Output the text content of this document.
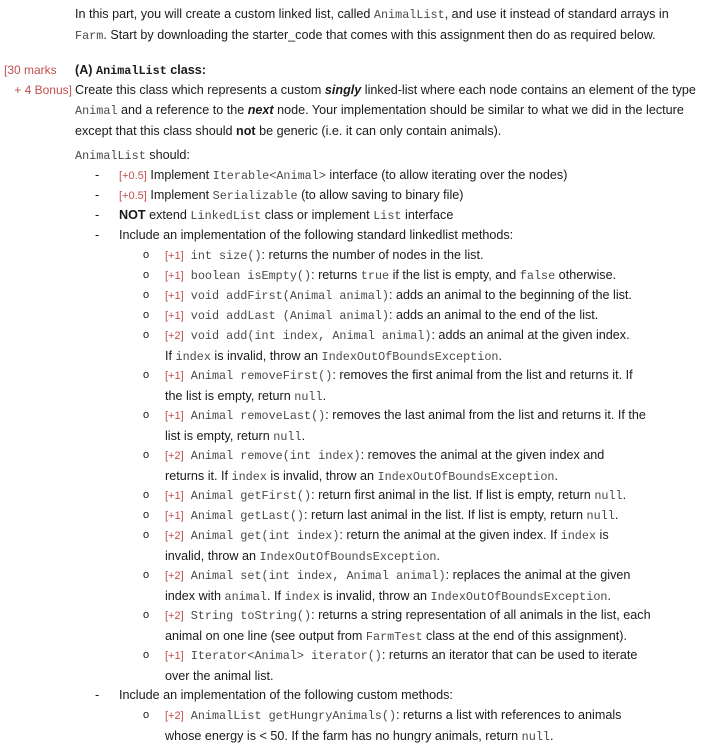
In this part, you will create a custom linked list, called AnimalList, and use it instead of standard arrays in Farm. Start by downloading the starter_code that comes with this assignment then do as required below.
[30 marks
+ 4 Bonus]
(A) AnimalList class:
Create this class which represents a custom singly linked-list where each node contains an element of the type Animal and a reference to the next node. Your implementation should be similar to what we did in the lecture except that this class should not be generic (i.e. it can only contain animals).
AnimalList should:
-	[+0.5] Implement Iterable<Animal> interface (to allow iterating over the nodes)
-	[+0.5] Implement Serializable (to allow saving to binary file)
-	NOT extend LinkedList class or implement List interface
-	Include an implementation of the following standard linkedlist methods:
o	[+1] int size(): returns the number of nodes in the list.
o	[+1] boolean isEmpty(): returns true if the list is empty, and false otherwise.
o	[+1] void addFirst(Animal animal): adds an animal to the beginning of the list.
o	[+1] void addLast (Animal animal): adds an animal to the end of the list.
o	[+2] void add(int index, Animal animal): adds an animal at the given index.
If index is invalid, throw an IndexOutOfBoundsException.
o	[+1] Animal removeFirst(): removes the first animal from the list and returns it. If
the list is empty, return null.
o	[+1] Animal removeLast(): removes the last animal from the list and returns it. If the
list is empty, return null.
o	[+2] Animal remove(int index): removes the animal at the given index and
returns it. If index is invalid, throw an IndexOutOfBoundsException.
o	[+1] Animal getFirst(): return first animal in the list. If list is empty, return null.
o	[+1] Animal getLast(): return last animal in the list. If list is empty, return null.
o	[+2] Animal get(int index): return the animal at the given index. If index is
invalid, throw an IndexOutOfBoundsException.
o	[+2] Animal set(int index, Animal animal): replaces the animal at the given
index with animal. If index is invalid, throw an IndexOutOfBoundsException.
o	[+2] String toString(): returns a string representation of all animals in the list, each
animal on one line (see output from FarmTest class at the end of this assignment).
o	[+1] Iterator<Animal> iterator(): returns an iterator that can be used to iterate
over the animal list.
-	Include an implementation of the following custom methods:
o	[+2] AnimalList getHungryAnimals(): returns a list with references to animals
whose energy is < 50. If the farm has no hungry animals, return null.
